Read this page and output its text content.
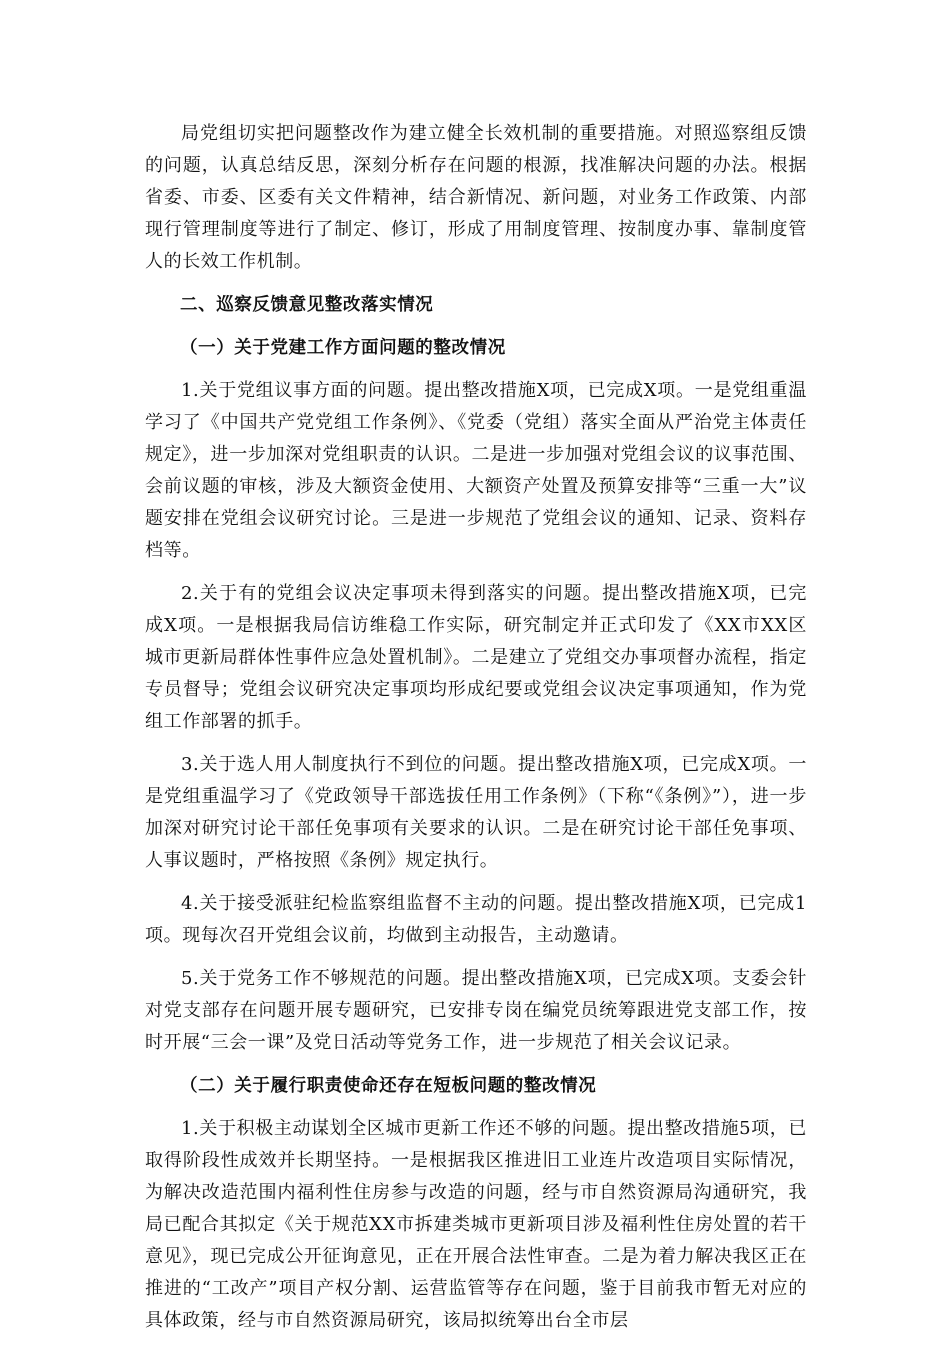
局党组切实把问题整改作为建立健全长效机制的重要措施。对照巡察组反馈的问题，认真总结反思，深刻分析存在问题的根源，找准解决问题的办法。根据省委、市委、区委有关文件精神，结合新情况、新问题，对业务工作政策、内部现行管理制度等进行了制定、修订，形成了用制度管理、按制度办事、靠制度管人的长效工作机制。

二、巡察反馈意见整改落实情况

（一）关于党建工作方面问题的整改情况

1.关于党组议事方面的问题。提出整改措施X项，已完成X项。一是党组重温学习了《中国共产党党组工作条例》、《党委（党组）落实全面从严治党主体责任规定》，进一步加深对党组职责的认识。二是进一步加强对党组会议的议事范围、会前议题的审核，涉及大额资金使用、大额资产处置及预算安排等“三重一大”议题安排在党组会议研究讨论。三是进一步规范了党组会议的通知、记录、资料存档等。

2.关于有的党组会议决定事项未得到落实的问题。提出整改措施X项，已完成X项。一是根据我局信访维稳工作实际，研究制定并正式印发了《XX市XX区城市更新局群体性事件应急处置机制》。二是建立了党组交办事项督办流程，指定专员督导；党组会议研究决定事项均形成纪要或党组会议决定事项通知，作为党组工作部署的抓手。

3.关于选人用人制度执行不到位的问题。提出整改措施X项，已完成X项。一是党组重温学习了《党政领导干部选拔任用工作条例》（下称“《条例》”），进一步加深对研究讨论干部任免事项有关要求的认识。二是在研究讨论干部任免事项、人事议题时，严格按照《条例》规定执行。

4.关于接受派驻纪检监察组监督不主动的问题。提出整改措施X项，已完成1项。现每次召开党组会议前，均做到主动报告，主动邀请。

5.关于党务工作不够规范的问题。提出整改措施X项，已完成X项。支委会针对党支部存在问题开展专题研究，已安排专岗在编党员统筹跟进党支部工作，按时开展“三会一课”及党日活动等党务工作，进一步规范了相关会议记录。

（二）关于履行职责使命还存在短板问题的整改情况

1.关于积极主动谋划全区城市更新工作还不够的问题。提出整改措施5项，已取得阶段性成效并长期坚持。一是根据我区推进旧工业连片改造项目实际情况，为解决改造范围内福利性住房参与改造的问题，经与市自然资源局沟通研究，我局已配合其拟定《关于规范XX市拆建类城市更新项目涉及福利性住房处置的若干意见》，现已完成公开征询意见，正在开展合法性审查。二是为着力解决我区正在推进的“工改产”项目产权分割、运营监管等存在问题，鉴于目前我市暂无对应的具体政策，经与市自然资源局研究，该局拟统筹出台全市层
